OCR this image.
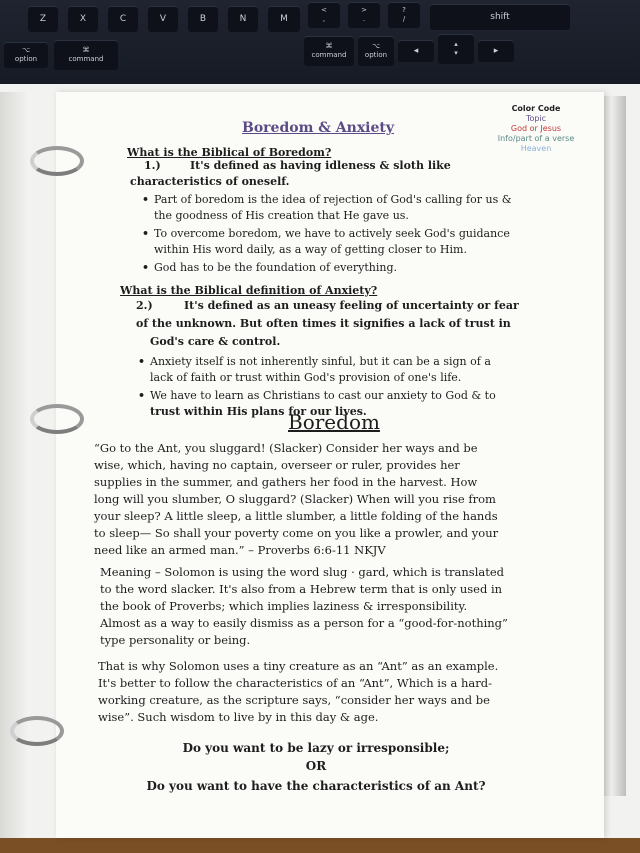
Z	X	C	V	B	N	M
<
,
>
.
?
/	shift
⌥
option
⌘
command
⌘
command
⌥
option	◂
▴
▾	▸
Boredom & Anxiety
Color Code
Topic
God or Jesus
Info/part of a verse
Heaven
What is the Biblical of Boredom?
1.)	It's defined as having idleness & sloth like
characteristics of oneself.
• Part of boredom is the idea of rejection of God's calling for us &
the goodness of His creation that He gave us.
• To overcome boredom, we have to actively seek God's guidance
within His word daily, as a way of getting closer to Him.
• God has to be the foundation of everything.
What is the Biblical definition of Anxiety?
2.)	It's defined as an uneasy feeling of uncertainty or fear
of the unknown. But often times it signifies a lack of trust in
God's care & control.
• Anxiety itself is not inherently sinful, but it can be a sign of a
lack of faith or trust within God's provision of one's life.
• We have to learn as Christians to cast our anxiety to God & to
trust within His plans for our lives.
Boredom
“Go to the Ant, you sluggard! (Slacker) Consider her ways and be
wise, which, having no captain, overseer or ruler, provides her
supplies in the summer, and gathers her food in the harvest. How
long will you slumber, O sluggard? (Slacker) When will you rise from
your sleep? A little sleep, a little slumber, a little folding of the hands
to sleep— So shall your poverty come on you like a prowler, and your
need like an armed man.” – Proverbs 6:6-11 NKJV
Meaning – Solomon is using the word slug · gard, which is translated
to the word slacker. It's also from a Hebrew term that is only used in
the book of Proverbs; which implies laziness & irresponsibility.
Almost as a way to easily dismiss as a person for a “good-for-nothing”
type personality or being.
That is why Solomon uses a tiny creature as an “Ant” as an example.
It's better to follow the characteristics of an “Ant”, Which is a hard-
working creature, as the scripture says, “consider her ways and be
wise”. Such wisdom to live by in this day & age.
Do you want to be lazy or irresponsible;
OR
Do you want to have the characteristics of an Ant?
